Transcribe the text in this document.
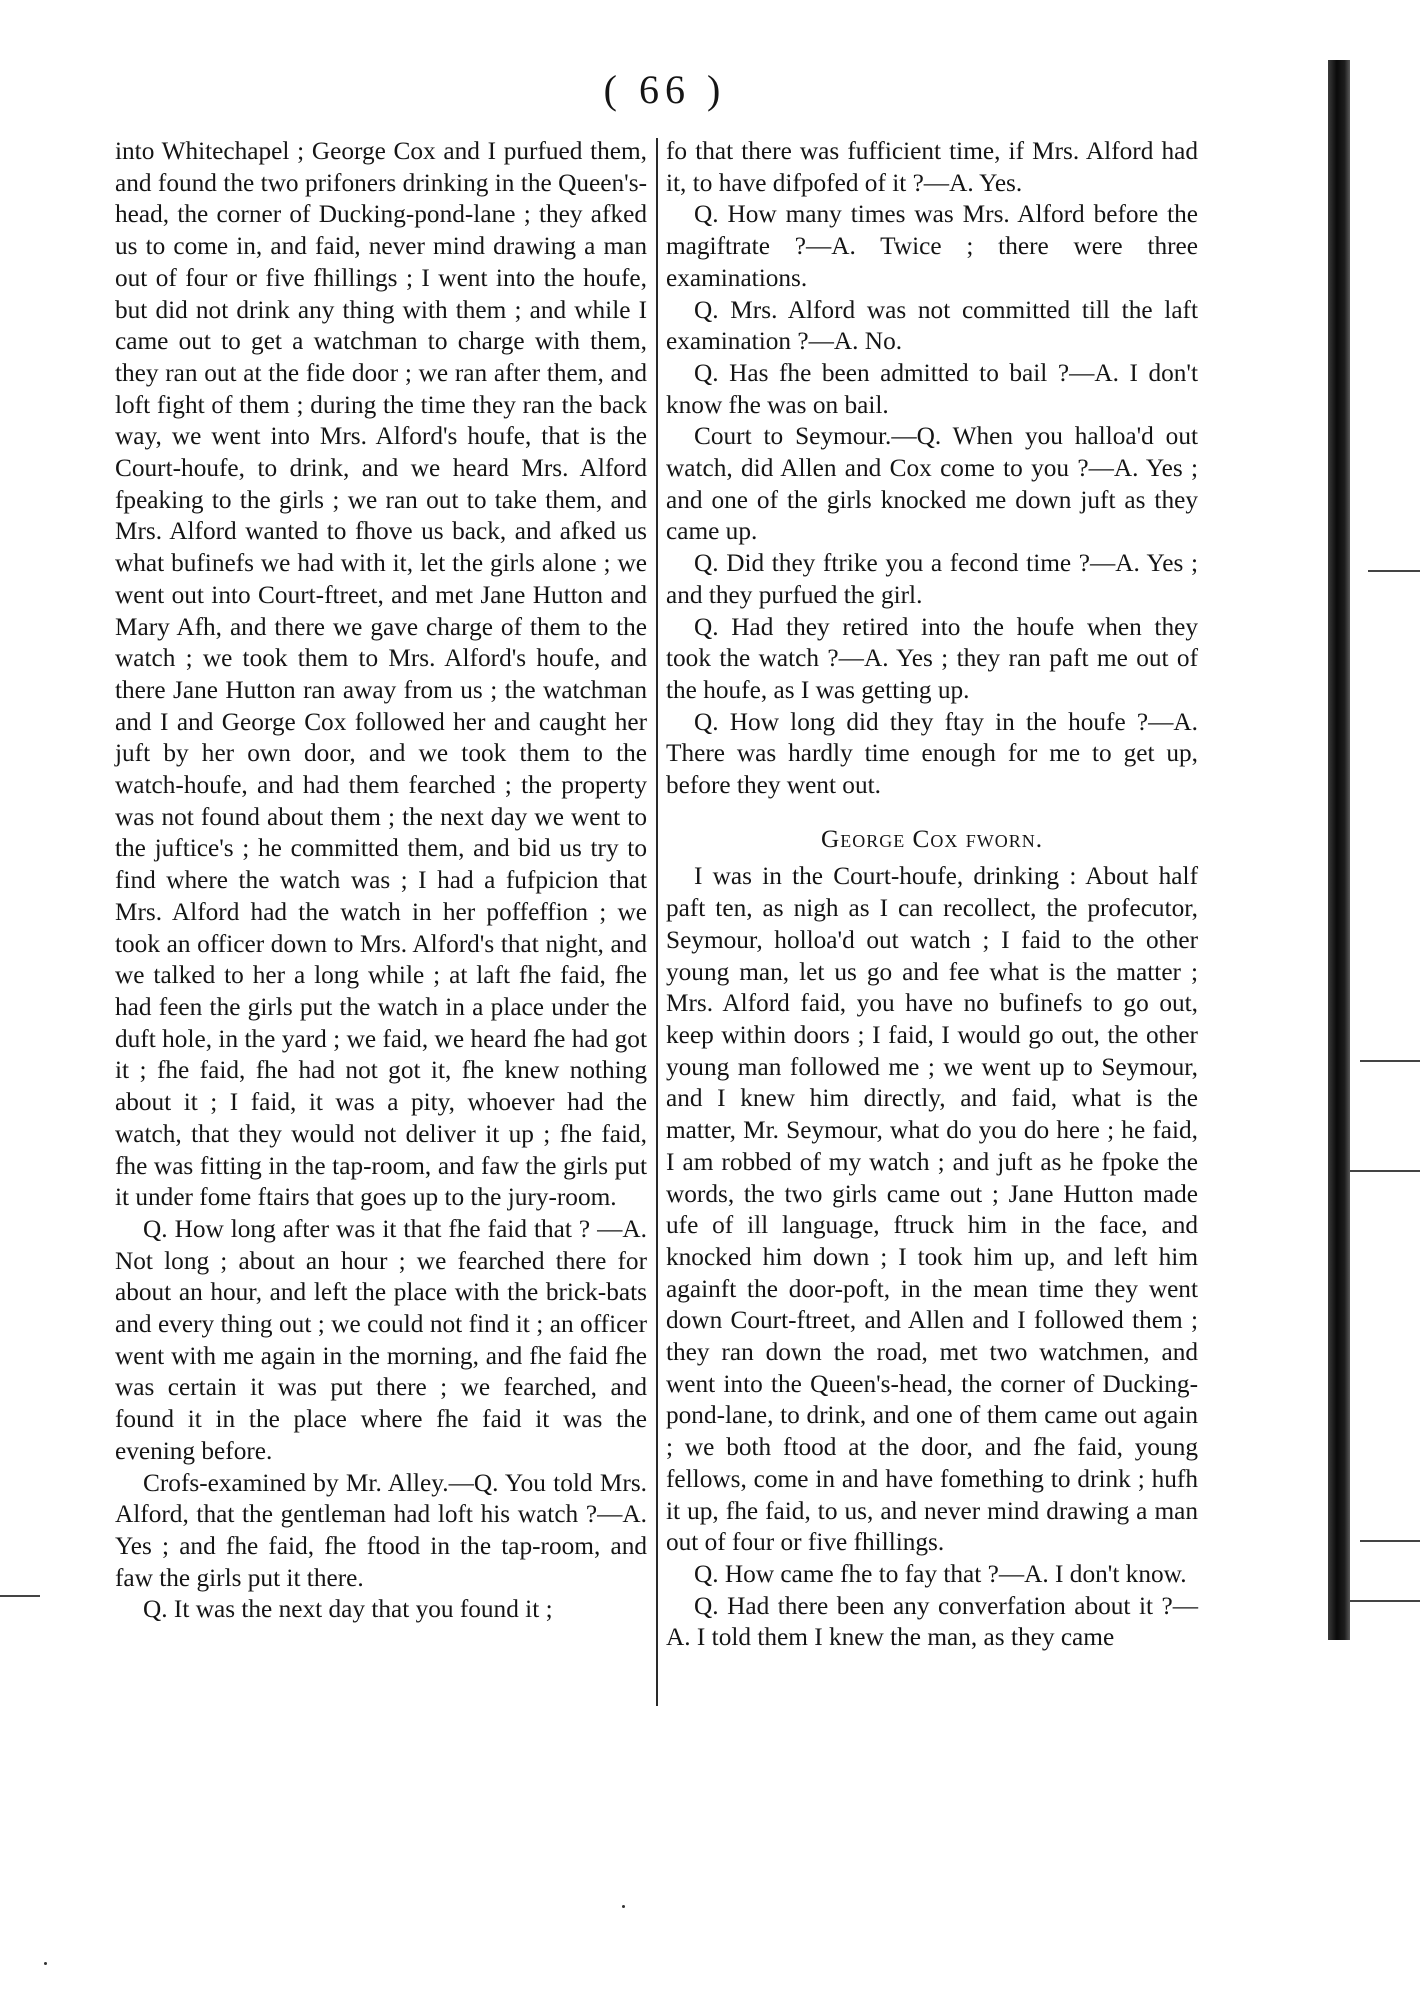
( 66 )

into Whitechapel ; George Cox and I purfued them, and found the two prifoners drinking in the Queen's-head, the corner of Ducking-pond-lane ; they afked us to come in, and faid, never mind drawing a man out of four or five fhillings ; I went into the houfe, but did not drink any thing with them ; and while I came out to get a watchman to charge with them, they ran out at the fide door ; we ran after them, and loft fight of them ; during the time they ran the back way, we went into Mrs. Alford's houfe, that is the Court-houfe, to drink, and we heard Mrs. Alford fpeaking to the girls ; we ran out to take them, and Mrs. Alford wanted to fhove us back, and afked us what bufinefs we had with it, let the girls alone ; we went out into Court-ftreet, and met Jane Hutton and Mary Afh, and there we gave charge of them to the watch ; we took them to Mrs. Alford's houfe, and there Jane Hutton ran away from us ; the watchman and I and George Cox followed her and caught her juft by her own door, and we took them to the watch-houfe, and had them fearched ; the property was not found about them ; the next day we went to the juftice's ; he committed them, and bid us try to find where the watch was ; I had a fufpicion that Mrs. Alford had the watch in her poffeffion ; we took an officer down to Mrs. Alford's that night, and we talked to her a long while ; at laft fhe faid, fhe had feen the girls put the watch in a place under the duft hole, in the yard ; we faid, we heard fhe had got it ; fhe faid, fhe had not got it, fhe knew nothing about it ; I faid, it was a pity, whoever had the watch, that they would not deliver it up ; fhe faid, fhe was fitting in the tap-room, and faw the girls put it under fome ftairs that goes up to the jury-room.

Q. How long after was it that fhe faid that ? —A. Not long ; about an hour ; we fearched there for about an hour, and left the place with the brick-bats and every thing out ; we could not find it ; an officer went with me again in the morning, and fhe faid fhe was certain it was put there ; we fearched, and found it in the place where fhe faid it was the evening before.

Crofs-examined by Mr. Alley.—Q. You told Mrs. Alford, that the gentleman had loft his watch ?—A. Yes ; and fhe faid, fhe ftood in the tap-room, and faw the girls put it there.

Q. It was the next day that you found it ;

fo that there was fufficient time, if Mrs. Alford had it, to have difpofed of it ?—A. Yes.

Q. How many times was Mrs. Alford before the magiftrate ?—A. Twice ; there were three examinations.

Q. Mrs. Alford was not committed till the laft examination ?—A. No.

Q. Has fhe been admitted to bail ?—A. I don't know fhe was on bail.

Court to Seymour.—Q. When you halloa'd out watch, did Allen and Cox come to you ?—A. Yes ; and one of the girls knocked me down juft as they came up.

Q. Did they ftrike you a fecond time ?—A. Yes ; and they purfued the girl.

Q. Had they retired into the houfe when they took the watch ?—A. Yes ; they ran paft me out of the houfe, as I was getting up.

Q. How long did they ftay in the houfe ?—A. There was hardly time enough for me to get up, before they went out.

George Cox fworn.

I was in the Court-houfe, drinking : About half paft ten, as nigh as I can recollect, the profecutor, Seymour, holloa'd out watch ; I faid to the other young man, let us go and fee what is the matter ; Mrs. Alford faid, you have no bufinefs to go out, keep within doors ; I faid, I would go out, the other young man followed me ; we went up to Seymour, and I knew him directly, and faid, what is the matter, Mr. Seymour, what do you do here ; he faid, I am robbed of my watch ; and juft as he fpoke the words, the two girls came out ; Jane Hutton made ufe of ill language, ftruck him in the face, and knocked him down ; I took him up, and left him againft the door-poft, in the mean time they went down Court-ftreet, and Allen and I followed them ; they ran down the road, met two watchmen, and went into the Queen's-head, the corner of Ducking-pond-lane, to drink, and one of them came out again ; we both ftood at the door, and fhe faid, young fellows, come in and have fomething to drink ; hufh it up, fhe faid, to us, and never mind drawing a man out of four or five fhillings.

Q. How came fhe to fay that ?—A. I don't know.

Q. Had there been any converfation about it ?—A. I told them I knew the man, as they came
